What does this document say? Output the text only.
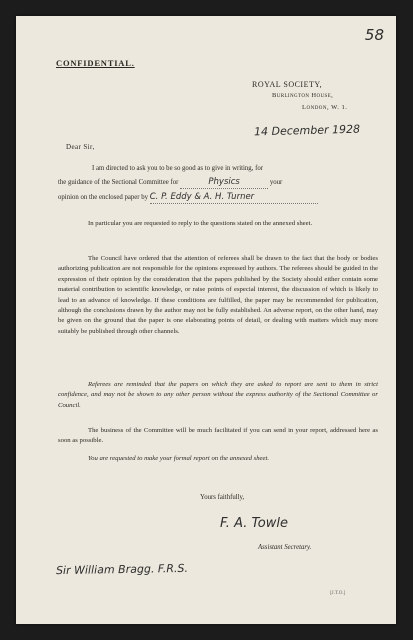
58
CONFIDENTIAL.
ROYAL SOCIETY,
Burlington House,
London, W. 1.
14 December 1928
Dear Sir,
I am directed to ask you to be so good as to give in writing, for
the guidance of the Sectional Committee for	Physics	your
opinion on the enclosed paper by C. P. Eddy & A. H. Turner
In particular you are requested to reply to the questions stated on the annexed sheet.
The Council have ordered that the attention of referees shall be drawn to the fact that the body or bodies authorizing publication are not responsible for the opinions expressed by authors. The referees should be guided in the expression of their opinion by the consideration that the papers published by the Society should either contain some material contribution to scientific knowledge, or raise points of especial interest, the discussion of which is likely to lead to an advance of knowledge. If these conditions are fulfilled, the paper may be recommended for publication, although the conclusions drawn by the author may not be fully established. An adverse report, on the other hand, may be given on the ground that the paper is one elaborating points of detail, or dealing with matters which may more suitably be published through other channels.
Referees are reminded that the papers on which they are asked to report are sent to them in strict confidence, and may not be shown to any other person without the express authority of the Sectional Committee or Council.
The business of the Committee will be much facilitated if you can send in your report, addressed here as soon as possible.
You are requested to make your formal report on the annexed sheet.
Yours faithfully,
F. A. Towle
Assistant Secretary.
Sir William Bragg. F.R.S.
[J.T.O.]
